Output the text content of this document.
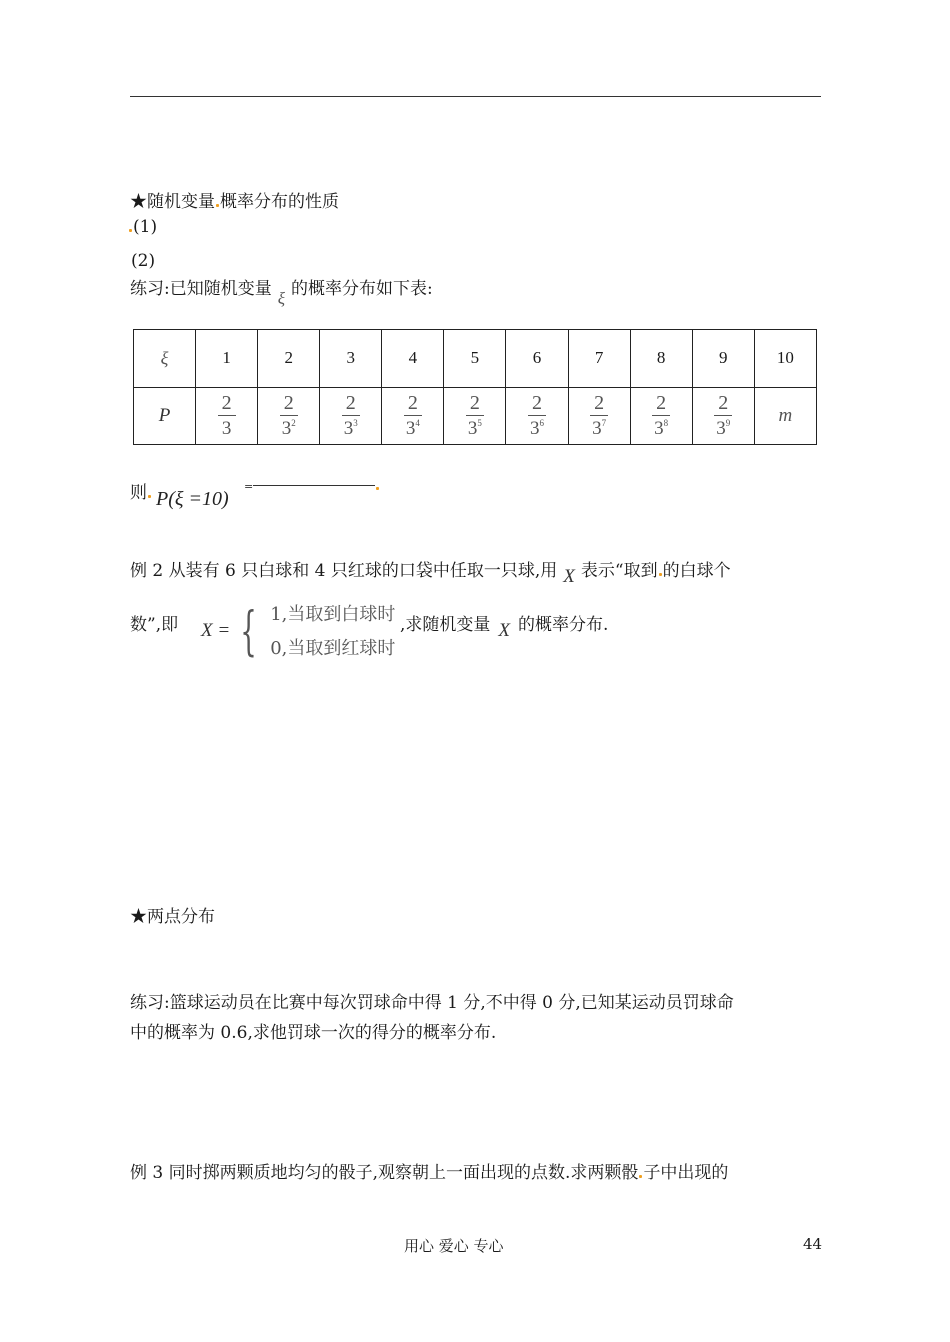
★随机变量 概率分布的性质
(1)
(2)
练习:已知随机变量 ξ 的概率分布如下表:
ξ	1	2	3	4	5	6	7	8	9	10
P	$\frac{2}{3}$	$\frac{2}{3^2}$	$\frac{2}{3^3}$	$\frac{2}{3^4}$	$\frac{2}{3^5}$	$\frac{2}{3^6}$	$\frac{2}{3^7}$	$\frac{2}{3^8}$	$\frac{2}{3^9}$	m
则 P(ξ =10)
=
例 2 从装有 6 只白球和 4 只红球的口袋中任取一只球,用 X 表示“取到 的白球个
数”,即 X = { 1,当取到白球时
0,当取到红球时
,求随机变量 X 的概率分布.
★两点分布
练习:篮球运动员在比赛中每次罚球命中得 1 分,不中得 0 分,已知某运动员罚球命
中的概率为 0.6,求他罚球一次的得分的概率分布.
例 3 同时掷两颗质地均匀的骰子,观察朝上一面出现的点数.求两颗骰 子中出现的
用心 爱心 专心	44
